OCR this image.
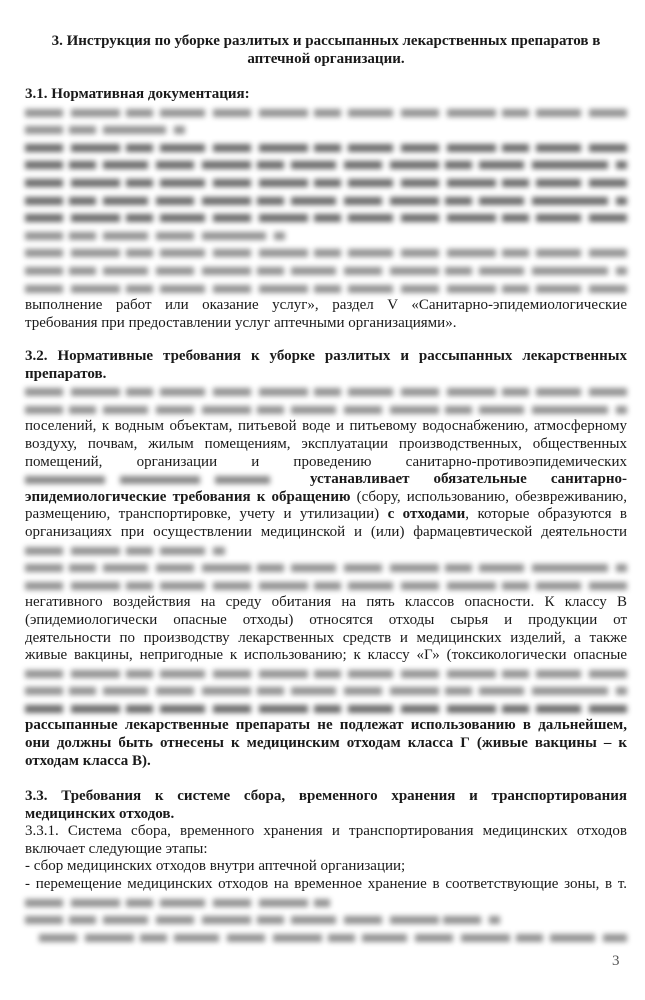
3. Инструкция по уборке разлитых и рассыпанных лекарственных препаратов в
аптечной организации.
3.1. Нормативная документация:
выполнение работ или оказание услуг», раздел V «Санитарно-эпидемиологические
требования при предоставлении услуг аптечными организациями».
3.2. Нормативные требования к уборке разлитых и рассыпанных лекарственных
препаратов.
поселений, к водным объектам, питьевой воде и питьевому водоснабжению, атмосферному
воздуху, почвам, жилым помещениям, эксплуатации производственных, общественных
помещений, организации и проведению санитарно-противоэпидемических
устанавливает обязательные санитарно-
эпидемиологические требования к обращению (сбору, использованию, обезвреживанию,
размещению, транспортировке, учету и утилизации) с отходами, которые образуются в
организациях при осуществлении медицинской и (или) фармацевтической деятельности
негативного воздействия на среду обитания на пять классов опасности. К классу В
(эпидемиологически опасные отходы) относятся отходы сырья и продукции от
деятельности по производству лекарственных средств и медицинских изделий, а также
живые вакцины, непригодные к использованию; к классу «Г» (токсикологически опасные
рассыпанные лекарственные препараты не подлежат использованию в дальнейшем,
они должны быть отнесены к медицинским отходам класса Г (живые вакцины – к
отходам класса В).
3.3. Требования к системе сбора, временного хранения и транспортирования
медицинских отходов.
3.3.1. Система сбора, временного хранения и транспортирования медицинских отходов
включает следующие этапы:
- сбор медицинских отходов внутри аптечной организации;
- перемещение медицинских отходов на временное хранение в соответствующие зоны, в т.
3
